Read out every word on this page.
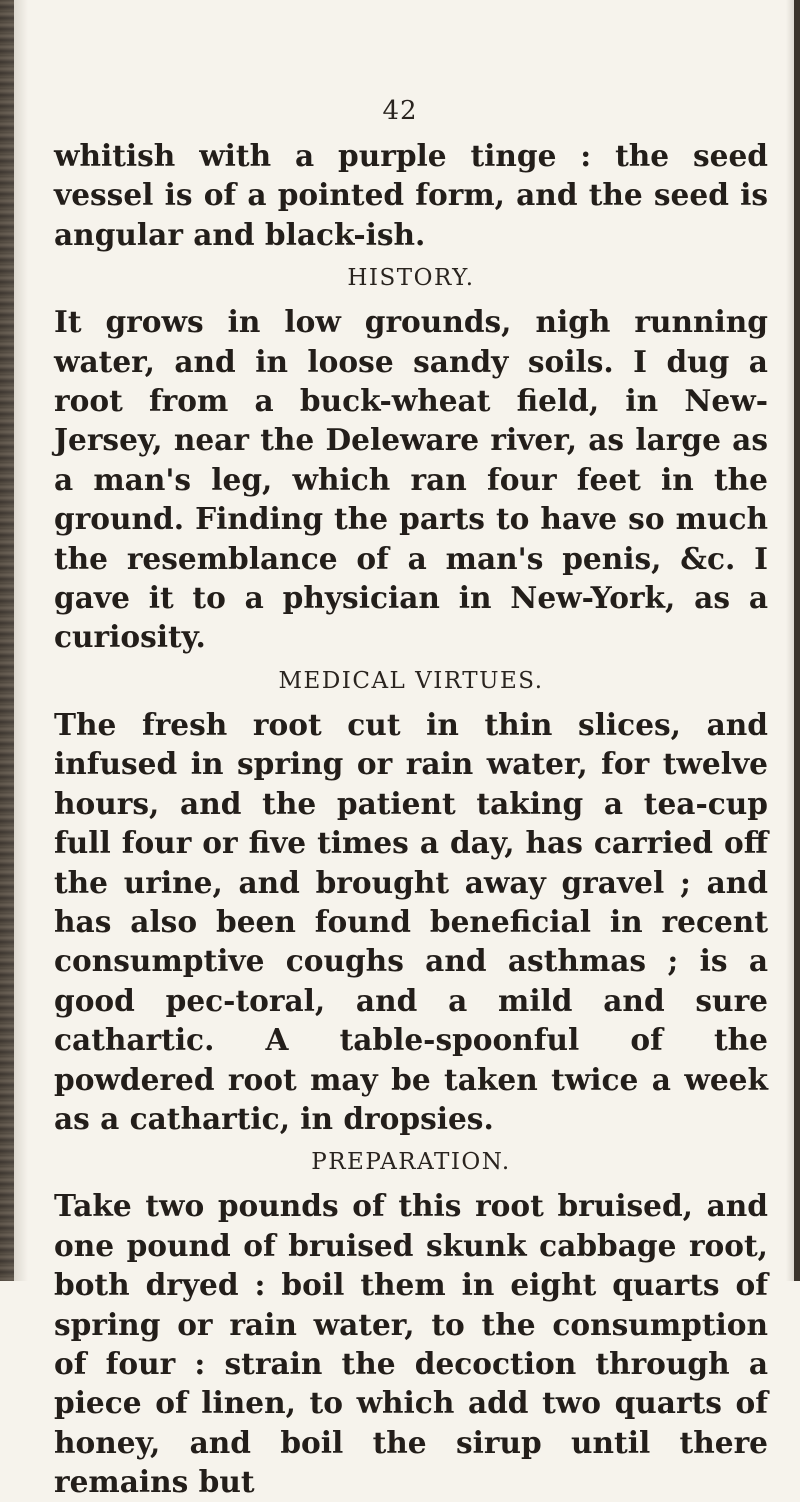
42

whitish with a purple tinge : the seed vessel is of a pointed form, and the seed is angular and black-ish.

HISTORY.

It grows in low grounds, nigh running water, and in loose sandy soils. I dug a root from a buck-wheat field, in New-Jersey, near the Deleware river, as large as a man's leg, which ran four feet in the ground. Finding the parts to have so much the resemblance of a man's penis, &c. I gave it to a physician in New-York, as a curiosity.

MEDICAL VIRTUES.

The fresh root cut in thin slices, and infused in spring or rain water, for twelve hours, and the patient taking a tea-cup full four or five times a day, has carried off the urine, and brought away gravel ; and has also been found beneficial in recent consumptive coughs and asthmas ; is a good pec-toral, and a mild and sure cathartic. A table-spoonful of the powdered root may be taken twice a week as a cathartic, in dropsies.

PREPARATION.

Take two pounds of this root bruised, and one pound of bruised skunk cabbage root, both dryed : boil them in eight quarts of spring or rain water, to the consumption of four : strain the decoction through a piece of linen, to which add two quarts of honey, and boil the sirup until there remains but
